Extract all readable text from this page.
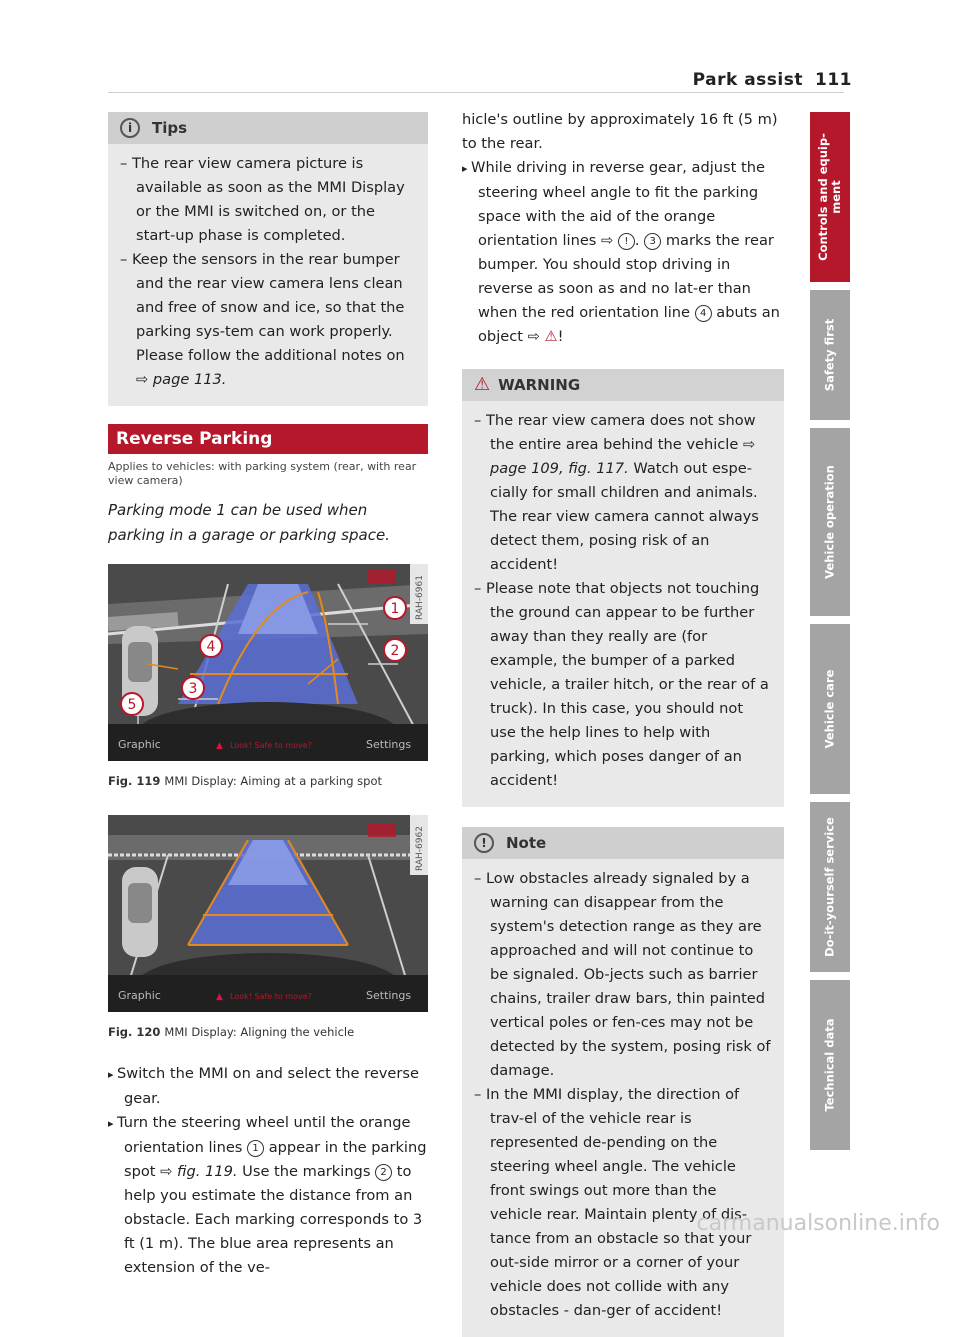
Park assist 111
i	Tips
– The rear view camera picture is available as soon as the MMI Display or the MMI is switched on, or the start-up phase is completed.
– Keep the sensors in the rear bumper and the rear view camera lens clean and free of snow and ice, so that the parking sys-tem can work properly. Please follow the additional notes on ⇨ page 113.
Reverse Parking
Applies to vehicles: with parking system (rear, with rear view camera)
Parking mode 1 can be used when parking in a garage or parking space.
1
2
3
4
5
Graphic	▲ Look! Safe to move?	Settings
RAH-6961
Fig. 119 MMI Display: Aiming at a parking spot
Graphic	▲ Look! Safe to move?	Settings
RAH-6962
Fig. 120 MMI Display: Aligning the vehicle
▸ Switch the MMI on and select the reverse gear.
▸ Turn the steering wheel until the orange orientation lines 1 appear in the parking spot ⇨ fig. 119. Use the markings 2 to help you estimate the distance from an obstacle. Each marking corresponds to 3 ft (1 m). The blue area represents an extension of the ve-
hicle's outline by approximately 16 ft (5 m) to the rear.
▸ While driving in reverse gear, adjust the steering wheel angle to fit the parking space with the aid of the orange orientation lines ⇨ ! . 3 marks the rear bumper. You should stop driving in reverse as soon as and no lat-er than when the red orientation line 4 abuts an object ⇨ ⚠!
⚠ WARNING
– The rear view camera does not show the entire area behind the vehicle ⇨ page 109, fig. 117. Watch out espe-cially for small children and animals. The rear view camera cannot always detect them, posing risk of an accident!
– Please note that objects not touching the ground can appear to be further away than they really are (for example, the bumper of a parked vehicle, a trailer hitch, or the rear of a truck). In this case, you should not use the help lines to help with parking, which poses danger of an accident!
!	Note
– Low obstacles already signaled by a warning can disappear from the system's detection range as they are approached and will not continue to be signaled. Ob-jects such as barrier chains, trailer draw bars, thin painted vertical poles or fen-ces may not be detected by the system, posing risk of damage.
– In the MMI display, the direction of trav-el of the vehicle rear is represented de-pending on the steering wheel angle. The vehicle front swings out more than the vehicle rear. Maintain plenty of dis-tance from an obstacle so that your out-side mirror or a corner of your vehicle does not collide with any obstacles - dan-ger of accident!
Controls and equip-
ment
Safety first
Vehicle operation
Vehicle care
Do-it-yourself service
Technical data
carmanualsonline.info
